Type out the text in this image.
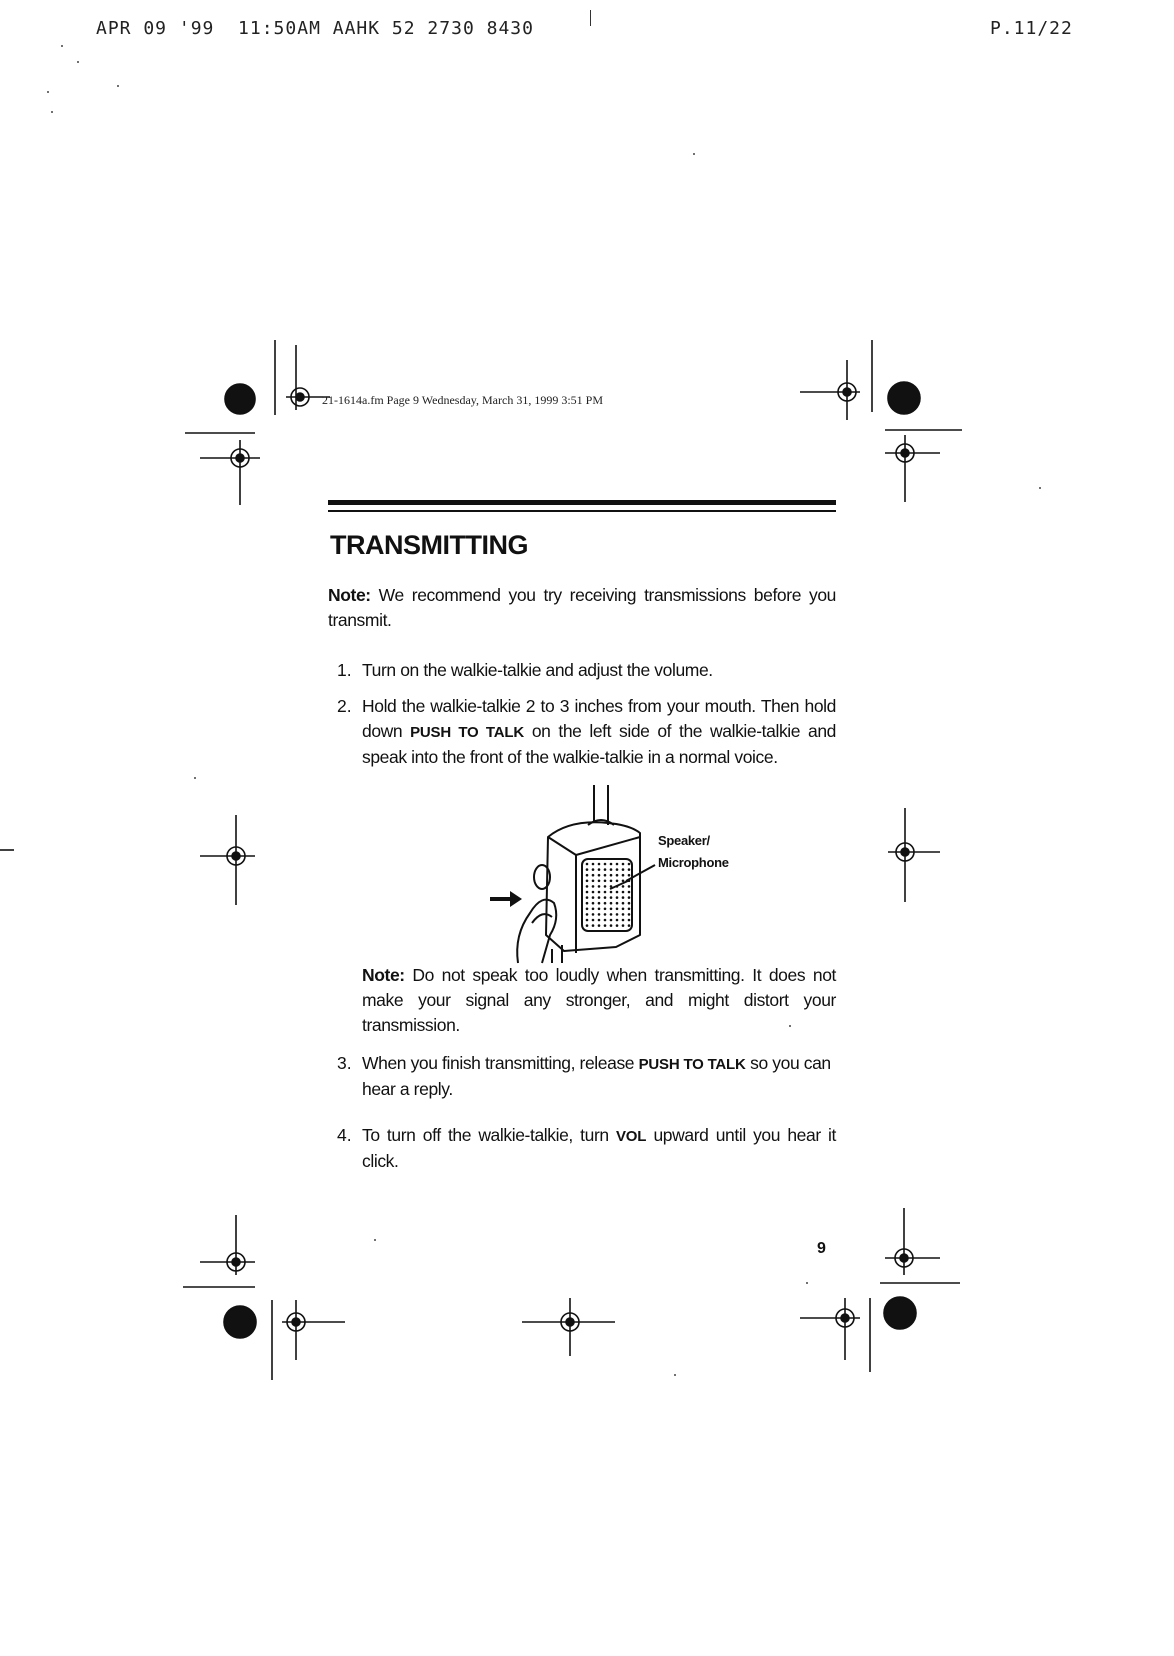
APR 09 '99  11:50AM AAHK 52 2730 8430	P.11/22
21-1614a.fm Page 9 Wednesday, March 31, 1999 3:51 PM
TRANSMITTING
Note: We recommend you try receiving transmissions before you transmit.
1. Turn on the walkie-talkie and adjust the volume.
2. Hold the walkie-talkie 2 to 3 inches from your mouth. Then hold down PUSH TO TALK on the left side of the walkie-talkie and speak into the front of the walkie-talkie in a normal voice.
Speaker/
Microphone
Note: Do not speak too loudly when transmitting. It does not make your signal any stronger, and might distort your transmission.
3. When you finish transmitting, release PUSH TO TALK so you can hear a reply.
4. To turn off the walkie-talkie, turn VOL upward until you hear it click.
9
